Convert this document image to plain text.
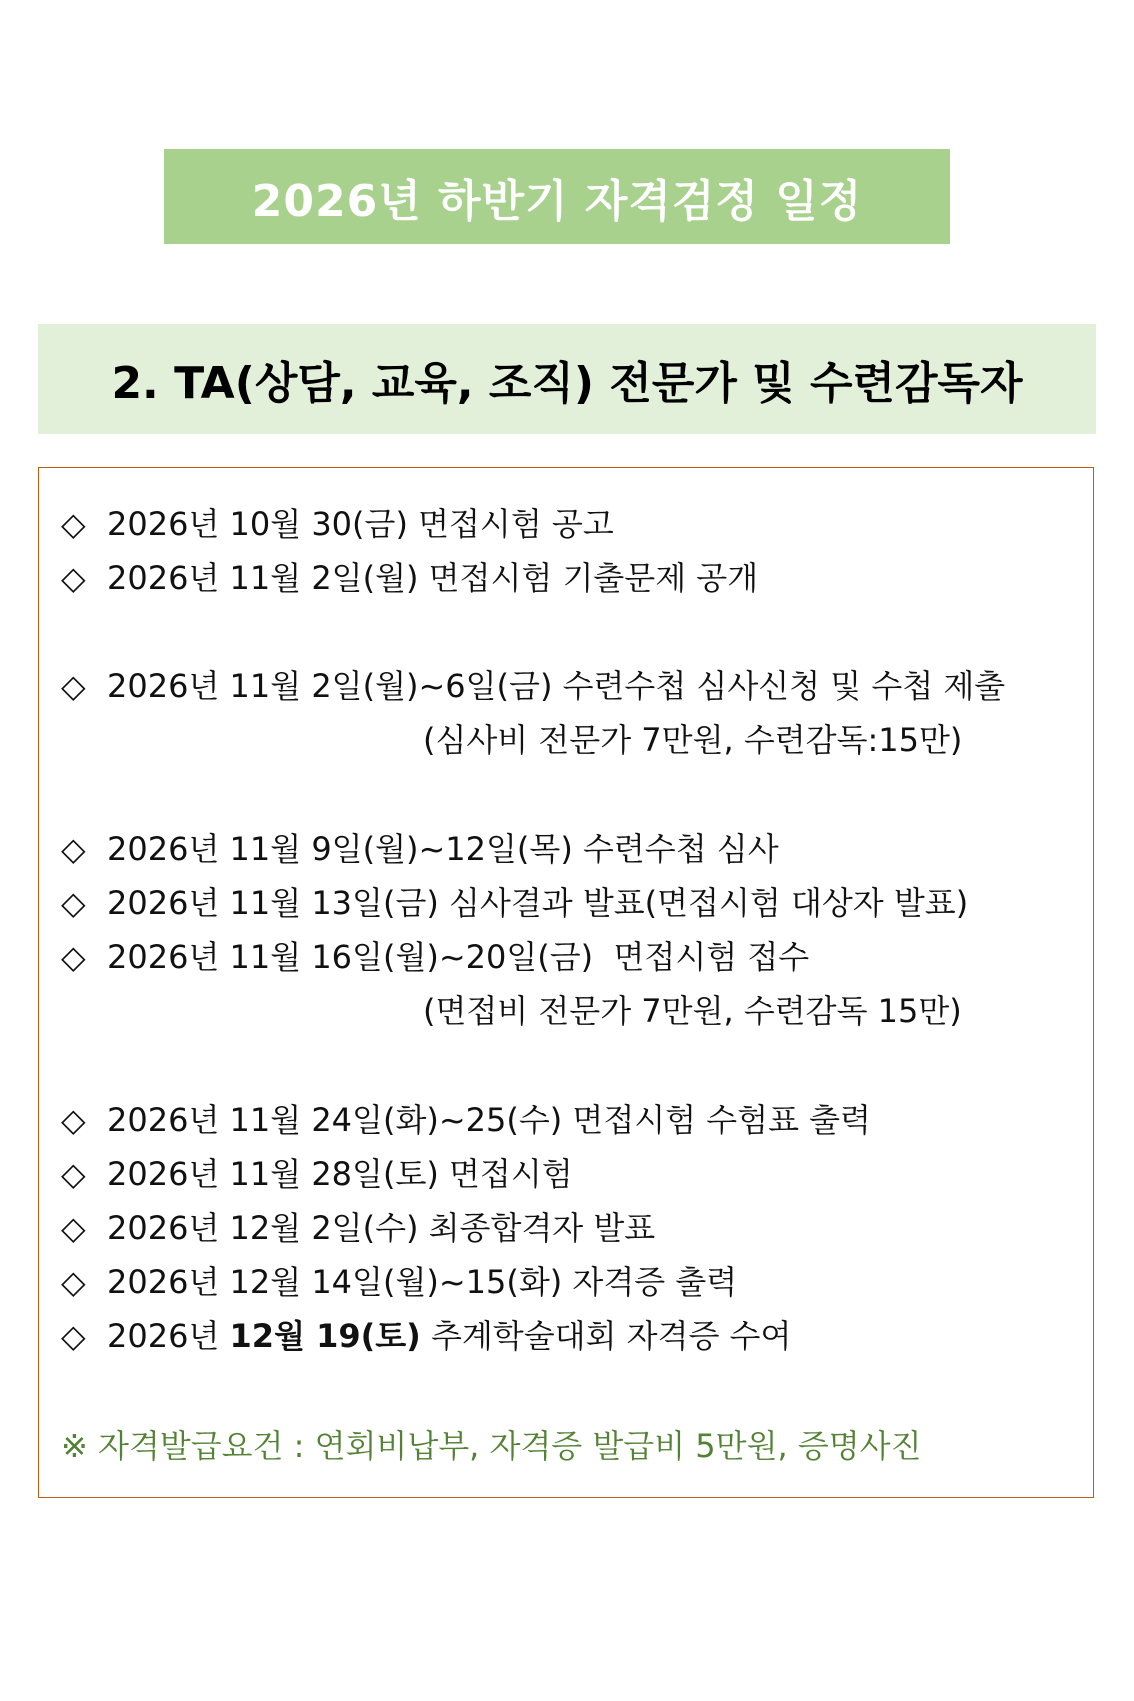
2026년 하반기 자격검정 일정
2. TA(상담, 교육, 조직) 전문가 및 수련감독자
◇ 2026년 10월 30(금) 면접시험 공고
◇ 2026년 11월 2일(월) 면접시험 기출문제 공개
◇ 2026년 11월 2일(월)~6일(금) 수련수첩 심사신청 및 수첩 제출
(심사비 전문가 7만원, 수련감독:15만)
◇ 2026년 11월 9일(월)~12일(목) 수련수첩 심사
◇ 2026년 11월 13일(금) 심사결과 발표(면접시험 대상자 발표)
◇ 2026년 11월 16일(월)~20일(금)  면접시험 접수
(면접비 전문가 7만원, 수련감독 15만)
◇ 2026년 11월 24일(화)~25(수) 면접시험 수험표 출력
◇ 2026년 11월 28일(토) 면접시험
◇ 2026년 12월 2일(수) 최종합격자 발표
◇ 2026년 12월 14일(월)~15(화) 자격증 출력
◇ 2026년 12월 19(토) 추계학술대회 자격증 수여
※ 자격발급요건 : 연회비납부, 자격증 발급비 5만원, 증명사진
